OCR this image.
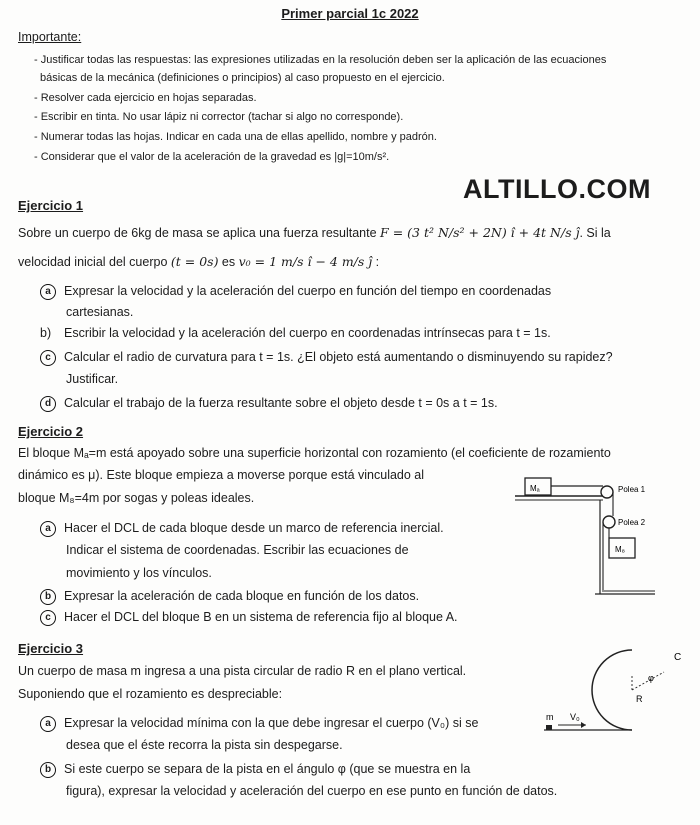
Primer parcial 1c 2022
Importante:
- Justificar todas las respuestas: las expresiones utilizadas en la resolución deben ser la aplicación de las ecuaciones
básicas de la mecánica (definiciones o principios) al caso propuesto en el ejercicio.
- Resolver cada ejercicio en hojas separadas.
- Escribir en tinta. No usar lápiz ni corrector (tachar si algo no corresponde).
- Numerar todas las hojas. Indicar en cada una de ellas apellido, nombre y padrón.
- Considerar que el valor de la aceleración de la gravedad es |g|=10m/s².
ALTILLO.COM
Ejercicio 1
Sobre un cuerpo de 6kg de masa se aplica una fuerza resultante F = (3 t² N/s² + 2N) î + 4t N/s ĵ. Si la
velocidad inicial del cuerpo (t = 0s) es v₀ = 1 m/s î − 4 m/s ĵ :
a Expresar la velocidad y la aceleración del cuerpo en función del tiempo en coordenadas
cartesianas.
b) Escribir la velocidad y la aceleración del cuerpo en coordenadas intrínsecas para t = 1s.
c Calcular el radio de curvatura para t = 1s. ¿El objeto está aumentando o disminuyendo su rapidez?
Justificar.
d Calcular el trabajo de la fuerza resultante sobre el objeto desde t = 0s a t = 1s.
Ejercicio 2
El bloque Mₐ=m está apoyado sobre una superficie horizontal con rozamiento (el coeficiente de rozamiento
dinámico es μ). Este bloque empieza a moverse porque está vinculado al
bloque M₈=4m por sogas y poleas ideales.
a Hacer el DCL de cada bloque desde un marco de referencia inercial.
Indicar el sistema de coordenadas. Escribir las ecuaciones de
movimiento y los vínculos.
b Expresar la aceleración de cada bloque en función de los datos.
c Hacer el DCL del bloque B en un sistema de referencia fijo al bloque A.
Mₐ	Polea 1
Polea 2
M₈
Ejercicio 3
Un cuerpo de masa m ingresa a una pista circular de radio R en el plano vertical.
Suponiendo que el rozamiento es despreciable:
a Expresar la velocidad mínima con la que debe ingresar el cuerpo (V₀) si se
desea que el éste recorra la pista sin despegarse.
b Si este cuerpo se separa de la pista en el ángulo φ (que se muestra en la
figura), expresar la velocidad y aceleración del cuerpo en ese punto en función de datos.
R
φ
C
m V₀
